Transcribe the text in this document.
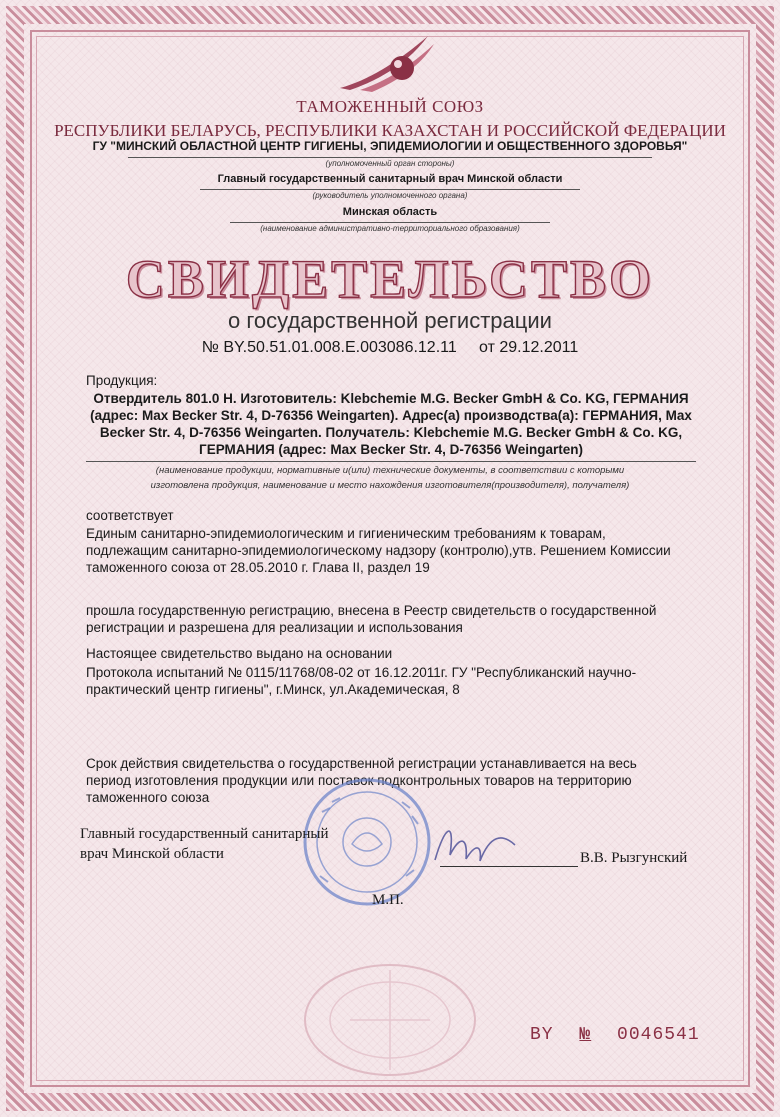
ТАМОЖЕННЫЙ СОЮЗ
РЕСПУБЛИКИ БЕЛАРУСЬ, РЕСПУБЛИКИ КАЗАХСТАН И РОССИЙСКОЙ ФЕДЕРАЦИИ
ГУ "МИНСКИЙ ОБЛАСТНОЙ ЦЕНТР ГИГИЕНЫ, ЭПИДЕМИОЛОГИИ И ОБЩЕСТВЕННОГО ЗДОРОВЬЯ"
(уполномоченный орган стороны)
Главный государственный санитарный врач Минской области
(руководитель уполномоченного органа)
Минская область
(наименование административно-территориального образования)
СВИДЕТЕЛЬСТВО
о государственной регистрации
№ BY.50.51.01.008.E.003086.12.11 от 29.12.2011
Продукция:
Отвердитель 801.0 Н. Изготовитель: Klebchemie M.G. Becker GmbH & Co. KG, ГЕРМАНИЯ
(адрес: Max Becker Str. 4, D-76356 Weingarten). Адрес(а) производства(а): ГЕРМАНИЯ, Max
Becker Str. 4, D-76356 Weingarten. Получатель: Klebchemie M.G. Becker GmbH & Co. KG,
ГЕРМАНИЯ (адрес: Max Becker Str. 4, D-76356 Weingarten)
(наименование продукции, нормативные и(или) технические документы, в соответствии с которыми
изготовлена продукция, наименование и место нахождения изготовителя(производителя), получателя)
соответствует
Единым санитарно-эпидемиологическим и гигиеническим требованиям к товарам,
подлежащим санитарно-эпидемиологическому надзору (контролю),утв. Решением Комиссии
таможенного союза от 28.05.2010 г. Глава II, раздел 19
прошла государственную регистрацию, внесена в Реестр свидетельств о государственной
регистрации и разрешена для реализации и использования
Настоящее свидетельство выдано на основании
Протокола испытаний № 0115/11768/08-02 от 16.12.2011г. ГУ "Республиканский научно-
практический центр гигиены", г.Минск, ул.Академическая, 8
Срок действия свидетельства о государственной регистрации устанавливается на весь
период изготовления продукции или поставок подконтрольных товаров на территорию
таможенного союза
Главный государственный санитарный
врач Минской области	В.В. Рызгунский
М.П.
BY № 0046541
